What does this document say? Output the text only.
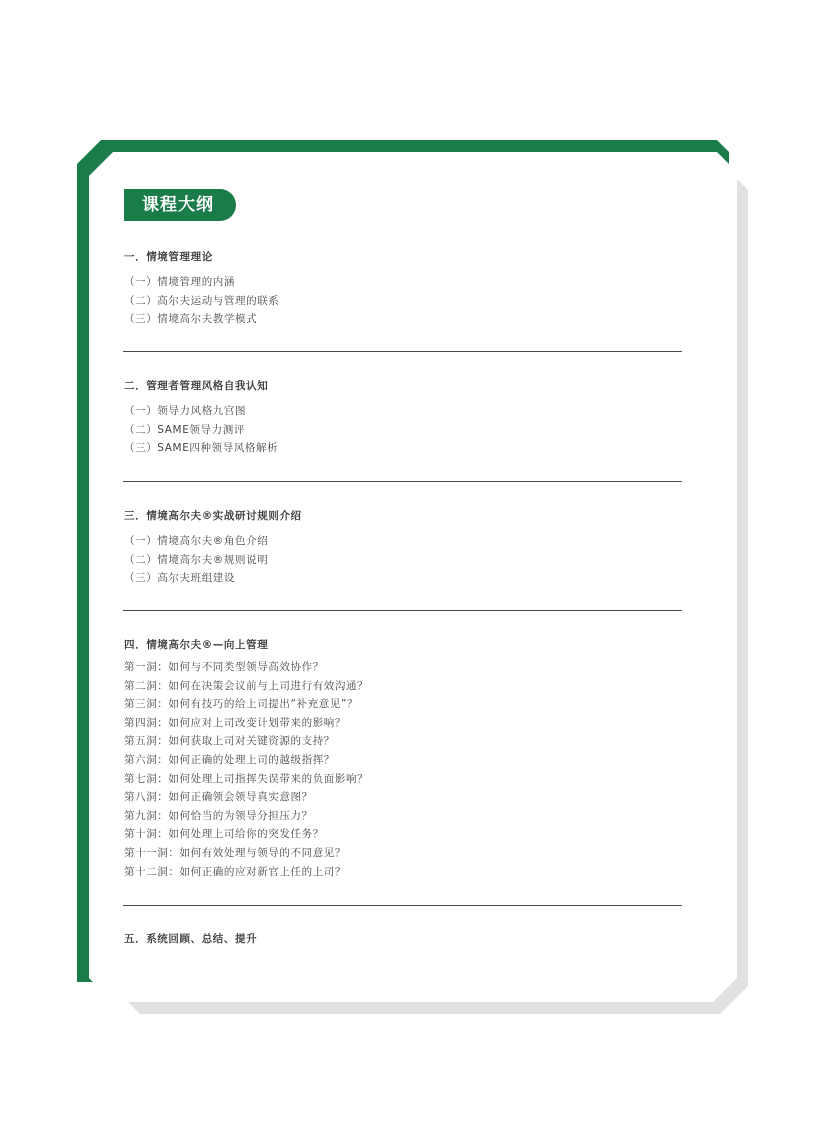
课程大纲
一．情境管理理论
（一）情境管理的内涵
（二）高尔夫运动与管理的联系
（三）情境高尔夫教学模式
二．管理者管理风格自我认知
（一）领导力风格九宫图
（二）SAME领导力测评
（三）SAME四种领导风格解析
三．情境高尔夫®实战研讨规则介绍
（一）情境高尔夫®角色介绍
（二）情境高尔夫®规则说明
（三）高尔夫班组建设
四．情境高尔夫®—向上管理
第一洞：如何与不同类型领导高效协作？
第二洞：如何在决策会议前与上司进行有效沟通？
第三洞：如何有技巧的给上司提出“补充意见”？
第四洞：如何应对上司改变计划带来的影响？
第五洞：如何获取上司对关键资源的支持？
第六洞：如何正确的处理上司的越级指挥？
第七洞：如何处理上司指挥失误带来的负面影响？
第八洞：如何正确领会领导真实意图？
第九洞：如何恰当的为领导分担压力？
第十洞：如何处理上司给你的突发任务？
第十一洞：如何有效处理与领导的不同意见？
第十二洞：如何正确的应对新官上任的上司？
五．系统回顾、总结、提升
